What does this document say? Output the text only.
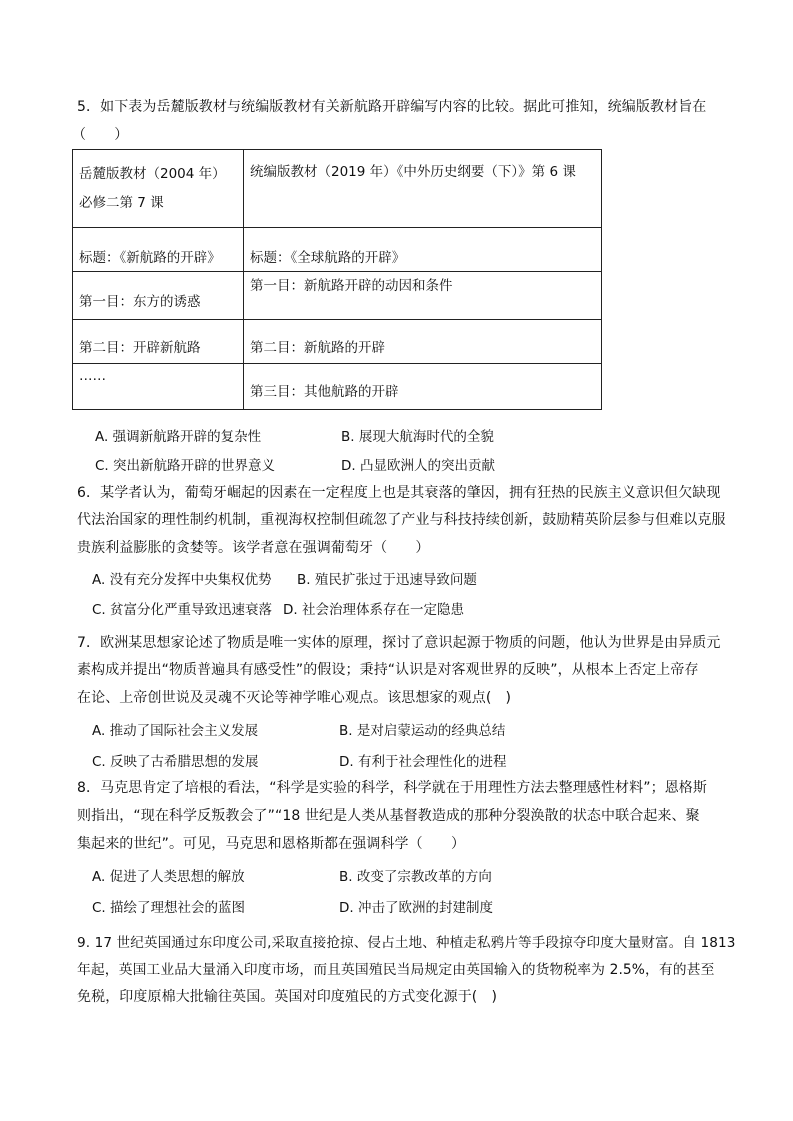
5．如下表为岳麓版教材与统编版教材有关新航路开辟编写内容的比较。据此可推知，统编版教材旨在
（　　）
岳麓版教材（2004 年）
必修二第 7 课	统编版教材（2019 年）《中外历史纲要（下）》第 6 课

标题：《新航路的开辟》	标题：《全球航路的开辟》

第一目：东方的诱惑	第一目：新航路开辟的动因和条件

第二目：开辟新航路	第二目：新航路的开辟

……	第三目：其他航路的开辟
A. 强调新航路开辟的复杂性	B. 展现大航海时代的全貌
C. 突出新航路开辟的世界意义	D. 凸显欧洲人的突出贡献
6．某学者认为，葡萄牙崛起的因素在一定程度上也是其衰落的肇因，拥有狂热的民族主义意识但欠缺现
代法治国家的理性制约机制，重视海权控制但疏忽了产业与科技持续创新，鼓励精英阶层参与但难以克服
贵族利益膨胀的贪婪等。该学者意在强调葡萄牙（　　）
A. 没有充分发挥中央集权优势 B. 殖民扩张过于迅速导致问题
C. 贫富分化严重导致迅速衰落 D. 社会治理体系存在一定隐患
7．欧洲某思想家论述了物质是唯一实体的原理，探讨了意识起源于物质的问题，他认为世界是由异质元
素构成并提出“物质普遍具有感受性”的假设；秉持“认识是对客观世界的反映”，从根本上否定上帝存
在论、上帝创世说及灵魂不灭论等神学唯心观点。该思想家的观点(　)
A. 推动了国际社会主义发展	B. 是对启蒙运动的经典总结
C. 反映了古希腊思想的发展	D. 有利于社会理性化的进程
8．马克思肯定了培根的看法，“科学是实验的科学，科学就在于用理性方法去整理感性材料”；恩格斯
则指出，“现在科学反叛教会了”“18 世纪是人类从基督教造成的那种分裂涣散的状态中联合起来、聚
集起来的世纪”。可见，马克思和恩格斯都在强调科学（　　）
A. 促进了人类思想的解放	B. 改变了宗教改革的方向
C. 描绘了理想社会的蓝图	D. 冲击了欧洲的封建制度
9. 17 世纪英国通过东印度公司,采取直接抢掠、侵占土地、种植走私鸦片等手段掠夺印度大量财富。自 1813
年起，英国工业品大量涌入印度市场，而且英国殖民当局规定由英国输入的货物税率为 2.5%，有的甚至
免税，印度原棉大批输往英国。英国对印度殖民的方式变化源于(　)
